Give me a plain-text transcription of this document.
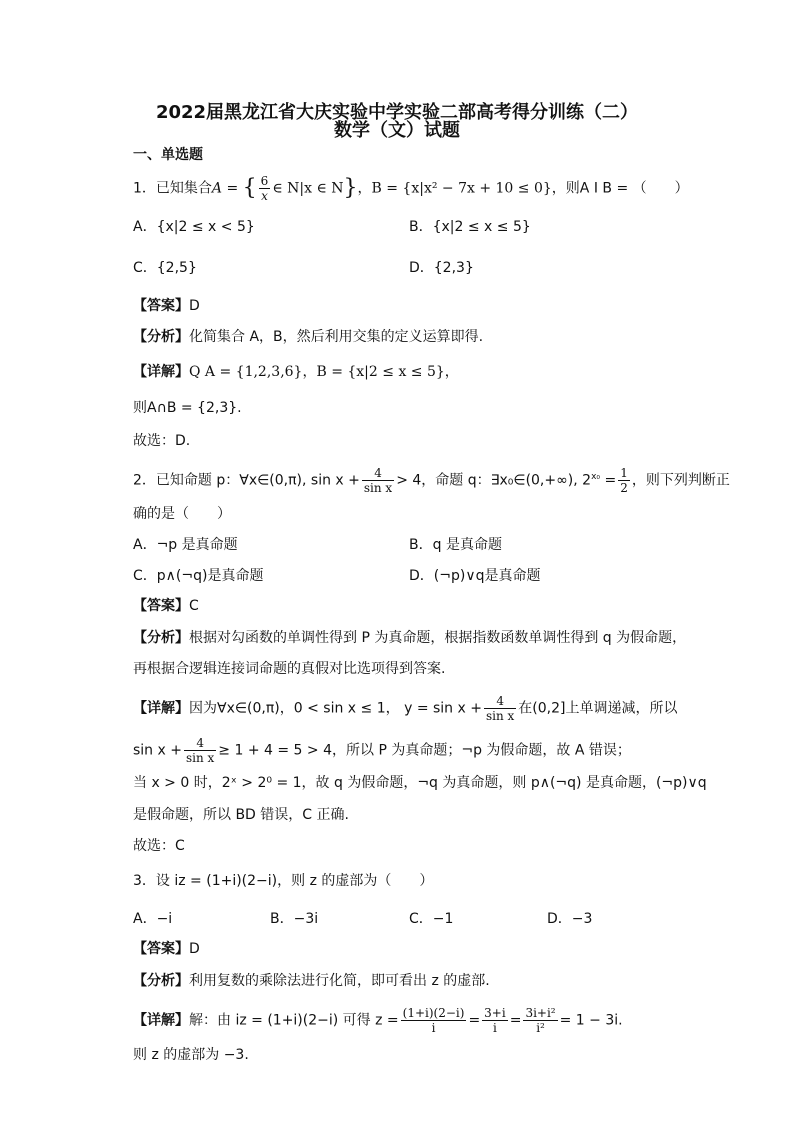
2022届黑龙江省大庆实验中学实验二部高考得分训练（二）
数学（文）试题
一、单选题
1．已知集合A = { $\frac{6}{x}$ ∈ N|x ∈ N}，B = {x|x² − 7x + 10 ≤ 0}，则A I B = （　　）
A．{x|2 ≤ x < 5}	B．{x|2 ≤ x ≤ 5}
C．{2,5}	D．{2,3}
【答案】D
【分析】化简集合 A，B，然后利用交集的定义运算即得.
【详解】Q A = {1,2,3,6}，B = {x|2 ≤ x ≤ 5}，
则A∩B = {2,3}.
故选：D.
2．已知命题 p：∀x∈(0,π), $\sin x + \frac{4}{\text{sin x}} > 4$，命题 q：∃x₀∈(0,+∞), $2^{x_0} = \frac{1}{2}$ ，则下列判断正
确的是（　　）
A．¬p 是真命题	B．q 是真命题
C．p∧(¬q)是真命题	D．(¬p)∨q是真命题
【答案】C
【分析】根据对勾函数的单调性得到 P 为真命题，根据指数函数单调性得到 q 为假命题，
再根据合逻辑连接词命题的真假对比选项得到答案.
【详解】因为∀x∈(0,π)，0 < sin x ≤ 1， $y = \sin x + \frac{4}{\text{sin x}}$ 在(0,2]上单调递减，所以
$\sin x + \frac{4}{\text{sin x}} \ge 1 + 4 = 5 > 4$，所以 P 为真命题；¬p 为假命题，故 A 错误；
当 x > 0 时，2ˣ > 2⁰ = 1，故 q 为假命题，¬q 为真命题，则 p∧(¬q) 是真命题，(¬p)∨q
是假命题，所以 BD 错误，C 正确.
故选：C
3．设 iz = (1+i)(2−i)，则 z 的虚部为（　　）
A．−i	B．−3i	C．−1	D．−3
【答案】D
【分析】利用复数的乘除法进行化简，即可看出 z 的虚部.
【详解】解：由 iz = (1+i)(2−i) 可得 $z = \frac{(1+i)(2-i)}{i} = \frac{3+i}{i} = \frac{\text{3i+i²}}{\text{i²}} = 1 - 3i$.
则 z 的虚部为 −3.
